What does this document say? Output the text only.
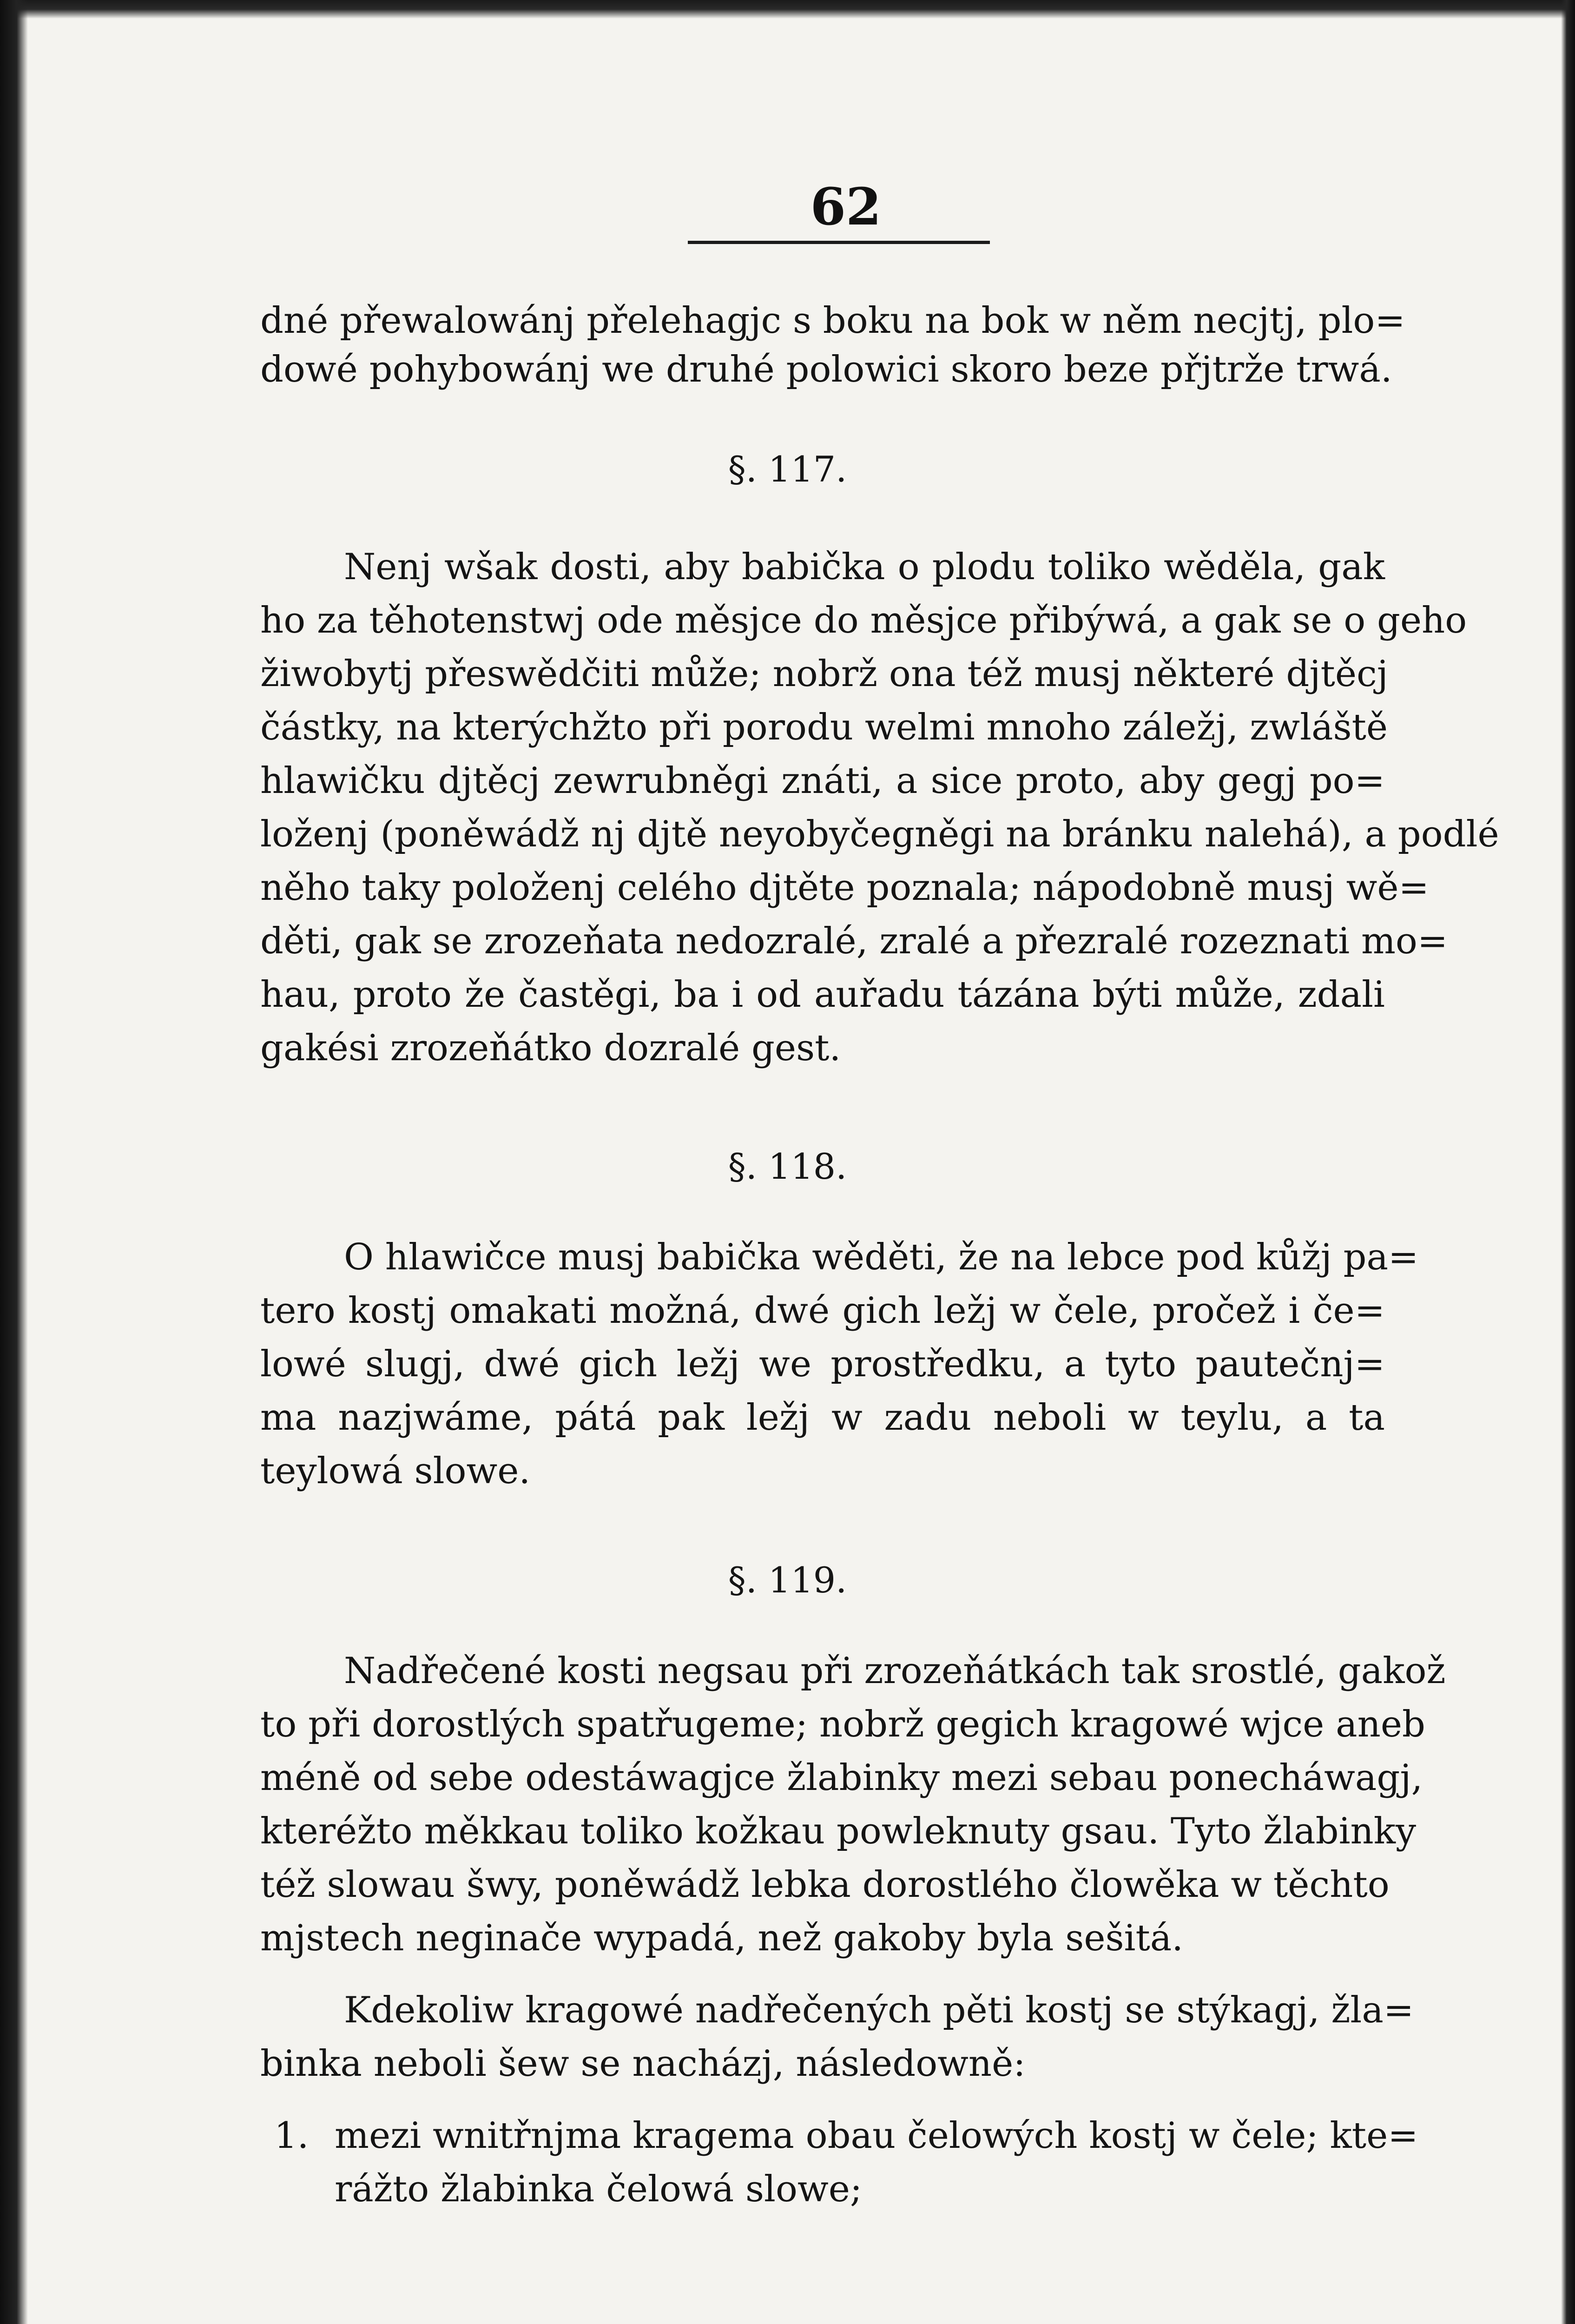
62
dné přewalowánj přelehagjc s boku na bok w něm necjtj, plo=
dowé pohybowánj we druhé polowici skoro beze přjtrže trwá.
§. 117.
Nenj wšak dosti, aby babička o plodu toliko wěděla, gak
ho za těhotenstwj ode měsjce do měsjce přibýwá, a gak se o geho
žiwobytj přeswědčiti může; nobrž ona též musj některé djtěcj
částky, na kterýchžto při porodu welmi mnoho záležj, zwláště
hlawičku djtěcj zewrubněgi znáti, a sice proto, aby gegj po=
loženj (poněwádž nj djtě neyobyčegněgi na bránku nalehá), a podlé
něho taky položenj celého djtěte poznala; nápodobně musj wě=
děti, gak se zrozeňata nedozralé, zralé a přezralé rozeznati mo=
hau, proto že častěgi, ba i od auřadu tázána býti může, zdali
gakési zrozeňátko dozralé gest.
§. 118.
O hlawičce musj babička wěděti, že na lebce pod kůžj pa=
tero kostj omakati možná, dwé gich ležj w čele, pročež i če=
lowé slugj, dwé gich ležj we prostředku, a tyto pautečnj=
ma nazjwáme, pátá pak ležj w zadu neboli w teylu, a ta
teylowá slowe.
§. 119.
Nadřečené kosti negsau při zrozeňátkách tak srostlé, gakož
to při dorostlých spatřugeme; nobrž gegich kragowé wjce aneb
méně od sebe odestáwagjce žlabinky mezi sebau ponecháwagj,
kteréžto měkkau toliko kožkau powleknuty gsau. Tyto žlabinky
též slowau šwy, poněwádž lebka dorostlého člowěka w těchto
mjstech neginače wypadá, než gakoby byla sešitá.
Kdekoliw kragowé nadřečených pěti kostj se stýkagj, žla=
binka neboli šew se nacházj, následowně:
1. mezi wnitřnjma kragema obau čelowých kostj w čele; kte=
rážto žlabinka čelowá slowe;
